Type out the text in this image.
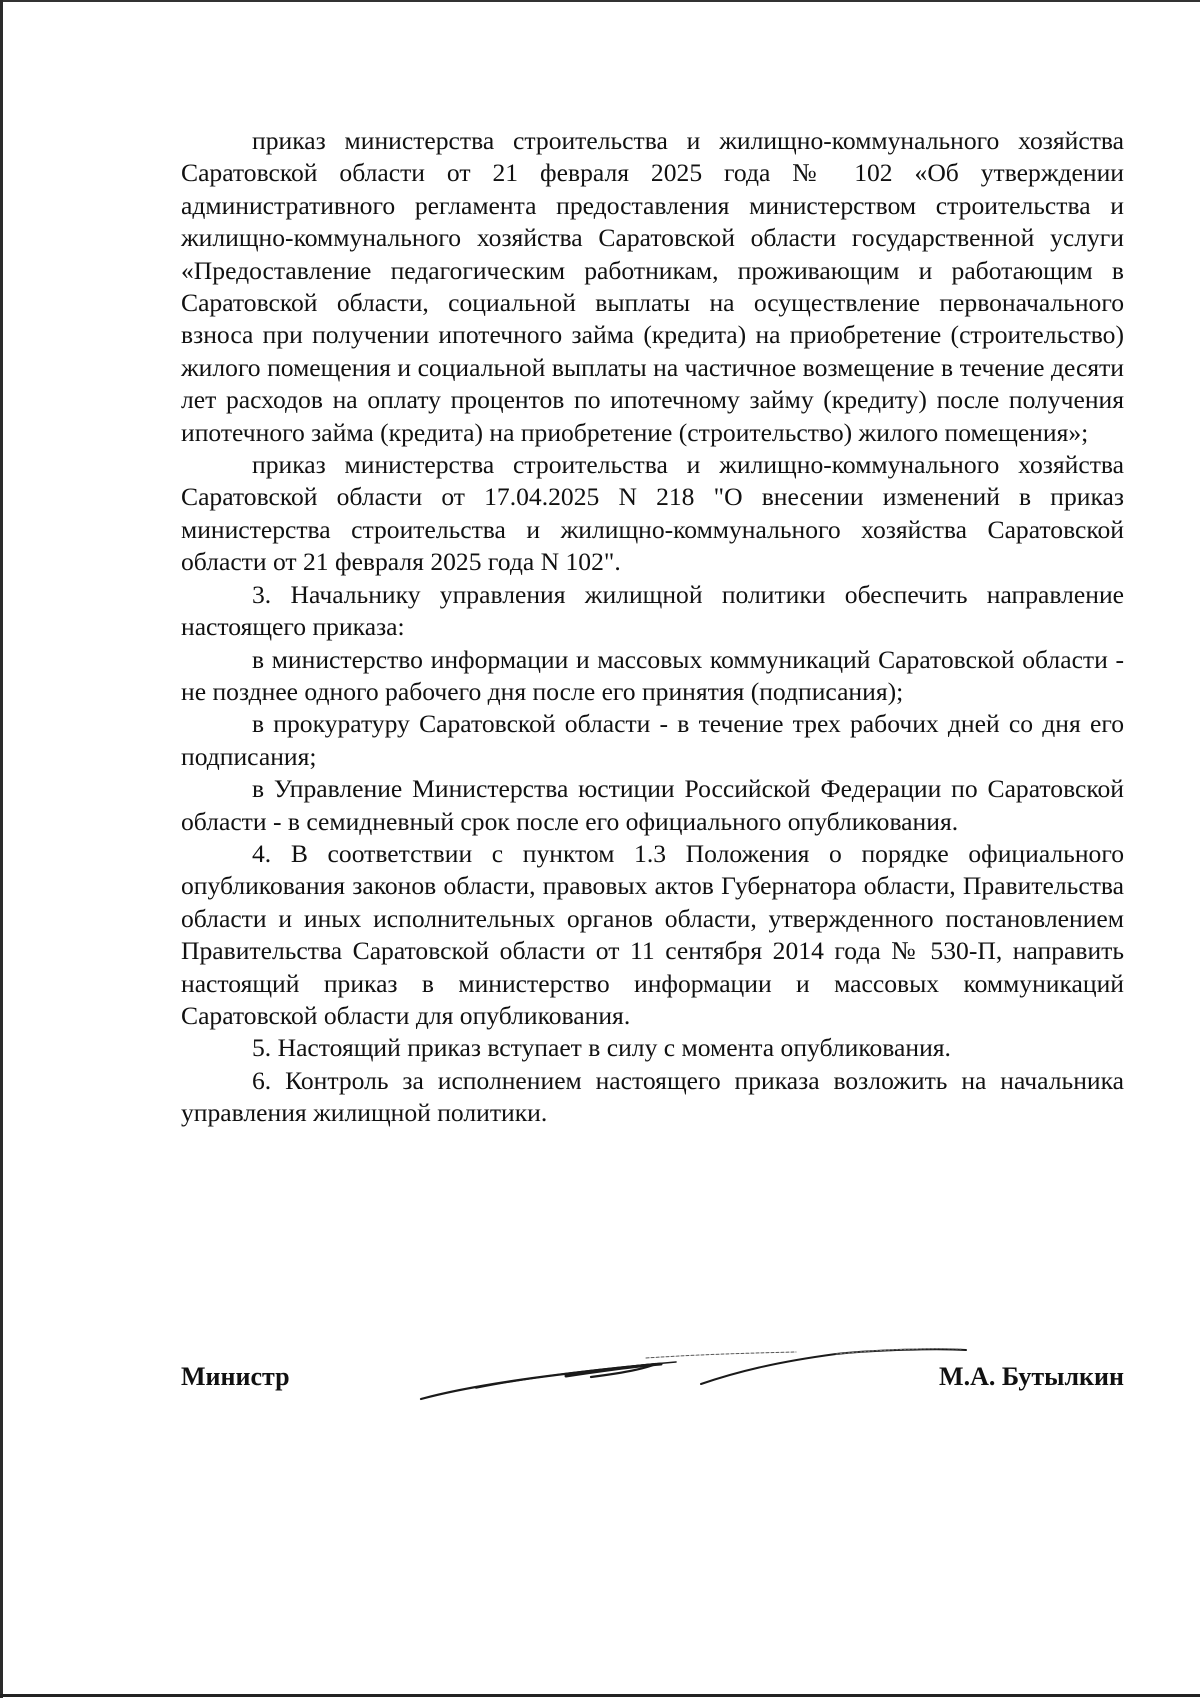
приказ министерства строительства и жилищно-коммунального хозяйства Саратовской области от 21 февраля 2025 года № 102 «Об утверждении административного регламента предоставления министерством строительства и жилищно-коммунального хозяйства Саратовской области государственной услуги «Предоставление педагогическим работникам, проживающим и работающим в Саратовской области, социальной выплаты на осуществление первоначального взноса при получении ипотечного займа (кредита) на приобретение (строительство) жилого помещения и социальной выплаты на частичное возмещение в течение десяти лет расходов на оплату процентов по ипотечному займу (кредиту) после получения ипотечного займа (кредита) на приобретение (строительство) жилого помещения»;

приказ министерства строительства и жилищно-коммунального хозяйства Саратовской области от 17.04.2025 N 218 "О внесении изменений в приказ министерства строительства и жилищно-коммунального хозяйства Саратовской области от 21 февраля 2025 года N 102".

3. Начальнику управления жилищной политики обеспечить направление настоящего приказа:

в министерство информации и массовых коммуникаций Саратовской области - не позднее одного рабочего дня после его принятия (подписания);

в прокуратуру Саратовской области - в течение трех рабочих дней со дня его подписания;

в Управление Министерства юстиции Российской Федерации по Саратовской области - в семидневный срок после его официального опубликования.

4. В соответствии с пунктом 1.3 Положения о порядке официального опубликования законов области, правовых актов Губернатора области, Правительства области и иных исполнительных органов области, утвержденного постановлением Правительства Саратовской области от 11 сентября 2014 года № 530-П, направить настоящий приказ в министерство информации и массовых коммуникаций Саратовской области для опубликования.

5. Настоящий приказ вступает в силу с момента опубликования.

6. Контроль за исполнением настоящего приказа возложить на начальника управления жилищной политики.

Министр	М.А. Бутылкин
